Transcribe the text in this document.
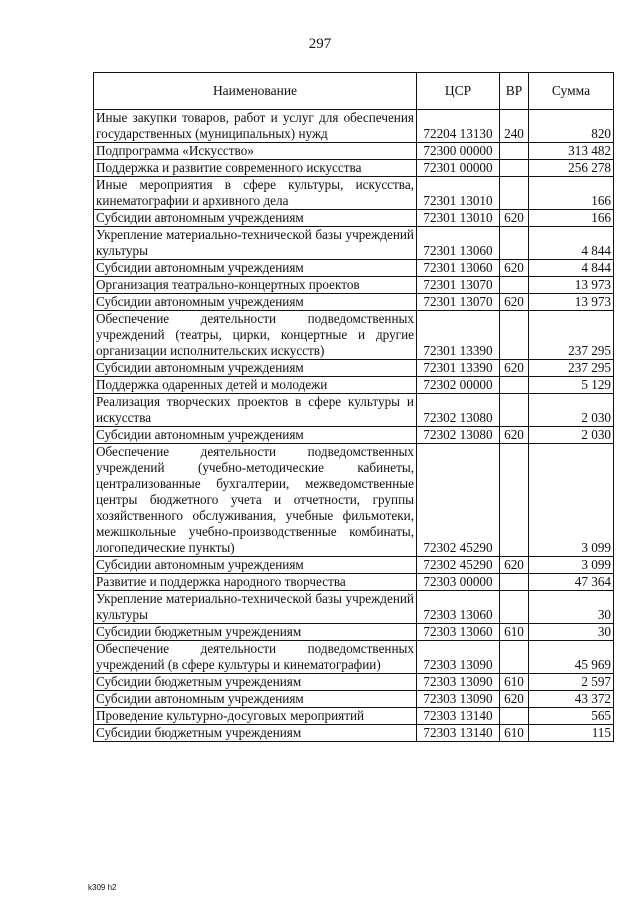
297
Наименование	ЦСР	ВР	Сумма
Иные закупки товаров, работ и услуг для обеспечения государственных (муниципальных) нужд	72204 13130	240	820
Подпрограмма «Искусство»	72300 00000		313 482
Поддержка и развитие современного искусства	72301 00000		256 278
Иные мероприятия в сфере культуры, искусства, кинематографии и архивного дела	72301 13010		166
Субсидии автономным учреждениям	72301 13010	620	166
Укрепление материально-технической базы учреждений культуры	72301 13060		4 844
Субсидии автономным учреждениям	72301 13060	620	4 844
Организация театрально-концертных проектов	72301 13070		13 973
Субсидии автономным учреждениям	72301 13070	620	13 973
Обеспечение деятельности подведомственных учреждений (театры, цирки, концертные и другие организации исполнительских искусств)	72301 13390		237 295
Субсидии автономным учреждениям	72301 13390	620	237 295
Поддержка одаренных детей и молодежи	72302 00000		5 129
Реализация творческих проектов в сфере культуры и искусства	72302 13080		2 030
Субсидии автономным учреждениям	72302 13080	620	2 030
Обеспечение деятельности подведомственных учреждений (учебно-методические кабинеты, централизованные бухгалтерии, межведомственные центры бюджетного учета и отчетности, группы хозяйственного обслуживания, учебные фильмотеки, межшкольные учебно-производственные комбинаты, логопедические пункты)	72302 45290		3 099
Субсидии автономным учреждениям	72302 45290	620	3 099
Развитие и поддержка народного творчества	72303 00000		47 364
Укрепление материально-технической базы учреждений культуры	72303 13060		30
Субсидии бюджетным учреждениям	72303 13060	610	30
Обеспечение деятельности подведомственных учреждений (в сфере культуры и кинематографии)	72303 13090		45 969
Субсидии бюджетным учреждениям	72303 13090	610	2 597
Субсидии автономным учреждениям	72303 13090	620	43 372
Проведение культурно-досуговых мероприятий	72303 13140		565
Субсидии бюджетным учреждениям	72303 13140	610	115
k309 h2
